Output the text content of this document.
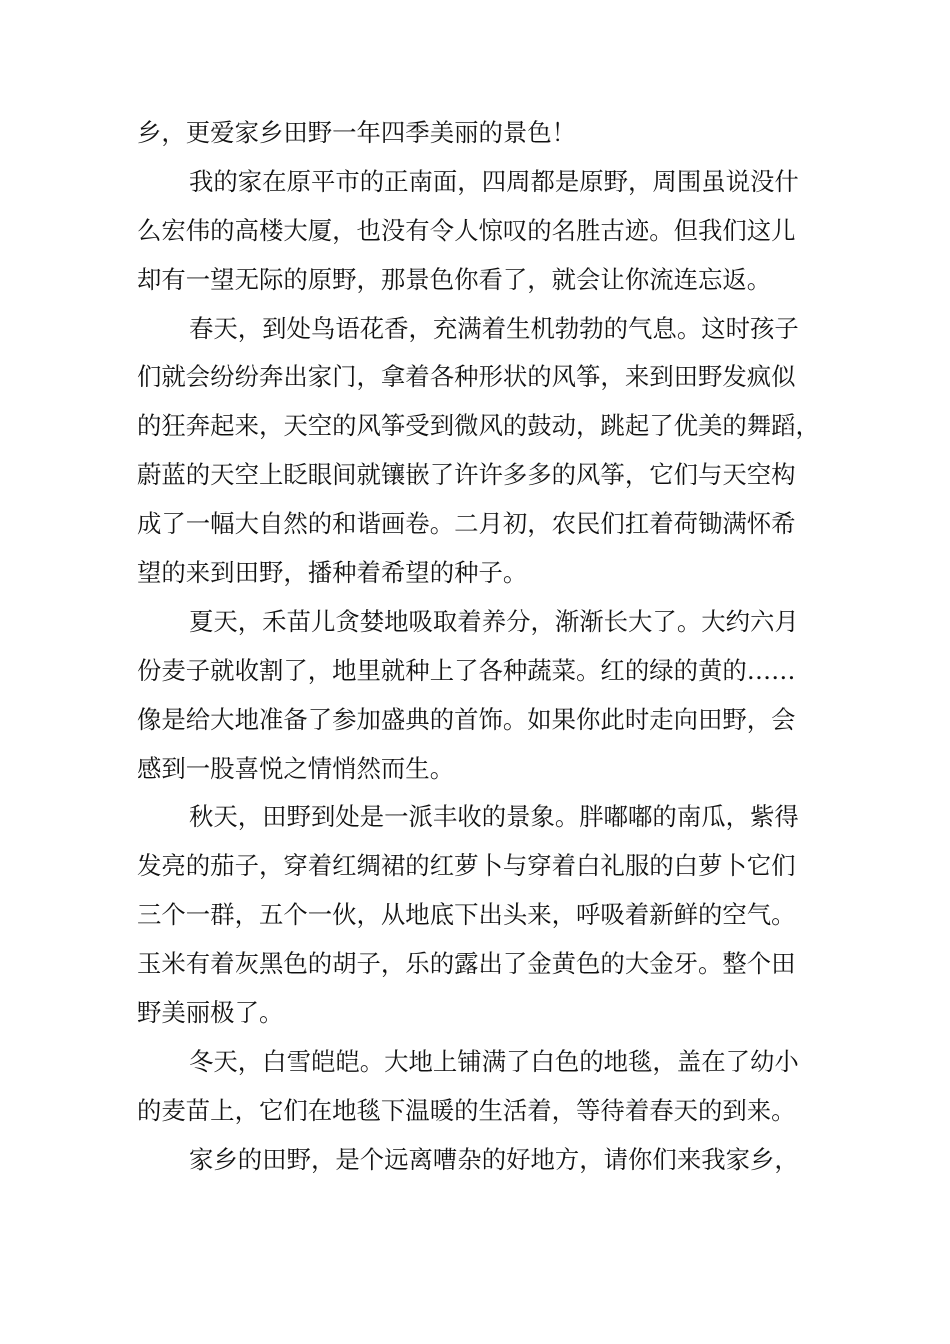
乡，更爱家乡田野一年四季美丽的景色！
我的家在原平市的正南面，四周都是原野，周围虽说没什
么宏伟的高楼大厦，也没有令人惊叹的名胜古迹。但我们这儿
却有一望无际的原野，那景色你看了，就会让你流连忘返。
春天，到处鸟语花香，充满着生机勃勃的气息。这时孩子
们就会纷纷奔出家门，拿着各种形状的风筝，来到田野发疯似
的狂奔起来，天空的风筝受到微风的鼓动，跳起了优美的舞蹈，
蔚蓝的天空上眨眼间就镶嵌了许许多多的风筝，它们与天空构
成了一幅大自然的和谐画卷。二月初，农民们扛着荷锄满怀希
望的来到田野，播种着希望的种子。
夏天，禾苗儿贪婪地吸取着养分，渐渐长大了。大约六月
份麦子就收割了，地里就种上了各种蔬菜。红的绿的黄的……
像是给大地准备了参加盛典的首饰。如果你此时走向田野，会
感到一股喜悦之情悄然而生。
秋天，田野到处是一派丰收的景象。胖嘟嘟的南瓜，紫得
发亮的茄子，穿着红绸裙的红萝卜与穿着白礼服的白萝卜它们
三个一群，五个一伙，从地底下出头来，呼吸着新鲜的空气。
玉米有着灰黑色的胡子，乐的露出了金黄色的大金牙。整个田
野美丽极了。
冬天，白雪皑皑。大地上铺满了白色的地毯，盖在了幼小
的麦苗上，它们在地毯下温暖的生活着，等待着春天的到来。
家乡的田野，是个远离嘈杂的好地方，请你们来我家乡，
